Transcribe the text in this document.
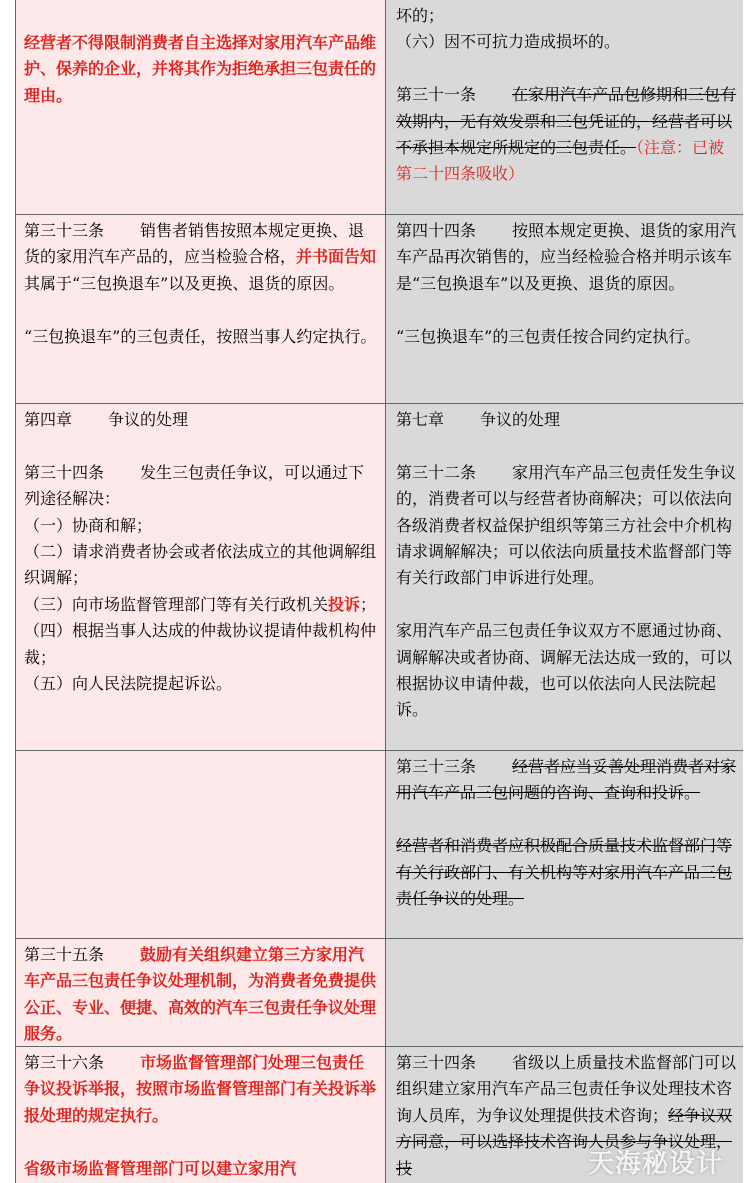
经营者不得限制消费者自主选择对家用汽车产品维护、保养的企业，并将其作为拒绝承担三包责任的理由。
坏的；
（六）因不可抗力造成损坏的。
第三十一条 在家用汽车产品包修期和三包有效期内，无有效发票和三包凭证的，经营者可以不承担本规定所规定的三包责任。（注意：已被第二十四条吸收）
第三十三条 销售者销售按照本规定更换、退货的家用汽车产品的，应当检验合格，并书面告知其属于“三包换退车”以及更换、退货的原因。
“三包换退车”的三包责任，按照当事人约定执行。
第四十四条 按照本规定更换、退货的家用汽车产品再次销售的，应当经检验合格并明示该车是“三包换退车”以及更换、退货的原因。
“三包换退车”的三包责任按合同约定执行。
第四章 争议的处理
第三十四条 发生三包责任争议，可以通过下列途径解决：
（一）协商和解；
（二）请求消费者协会或者依法成立的其他调解组织调解；
（三）向市场监督管理部门等有关行政机关投诉；
（四）根据当事人达成的仲裁协议提请仲裁机构仲裁；
（五）向人民法院提起诉讼。
第七章 争议的处理
第三十二条 家用汽车产品三包责任发生争议的，消费者可以与经营者协商解决；可以依法向各级消费者权益保护组织等第三方社会中介机构请求调解解决；可以依法向质量技术监督部门等有关行政部门申诉进行处理。
家用汽车产品三包责任争议双方不愿通过协商、调解解决或者协商、调解无法达成一致的，可以根据协议申请仲裁，也可以依法向人民法院起诉。
第三十三条 经营者应当妥善处理消费者对家用汽车产品三包问题的咨询、查询和投诉。
经营者和消费者应积极配合质量技术监督部门等有关行政部门、有关机构等对家用汽车产品三包责任争议的处理。
第三十五条 鼓励有关组织建立第三方家用汽车产品三包责任争议处理机制，为消费者免费提供公正、专业、便捷、高效的汽车三包责任争议处理服务。
第三十六条 市场监督管理部门处理三包责任争议投诉举报，按照市场监督管理部门有关投诉举报处理的规定执行。
省级市场监督管理部门可以建立家用汽
第三十四条 省级以上质量技术监督部门可以组织建立家用汽车产品三包责任争议处理技术咨询人员库，为争议处理提供技术咨询；经争议双方同意，可以选择技术咨询人员参与争议处理，技	天海秘设计
